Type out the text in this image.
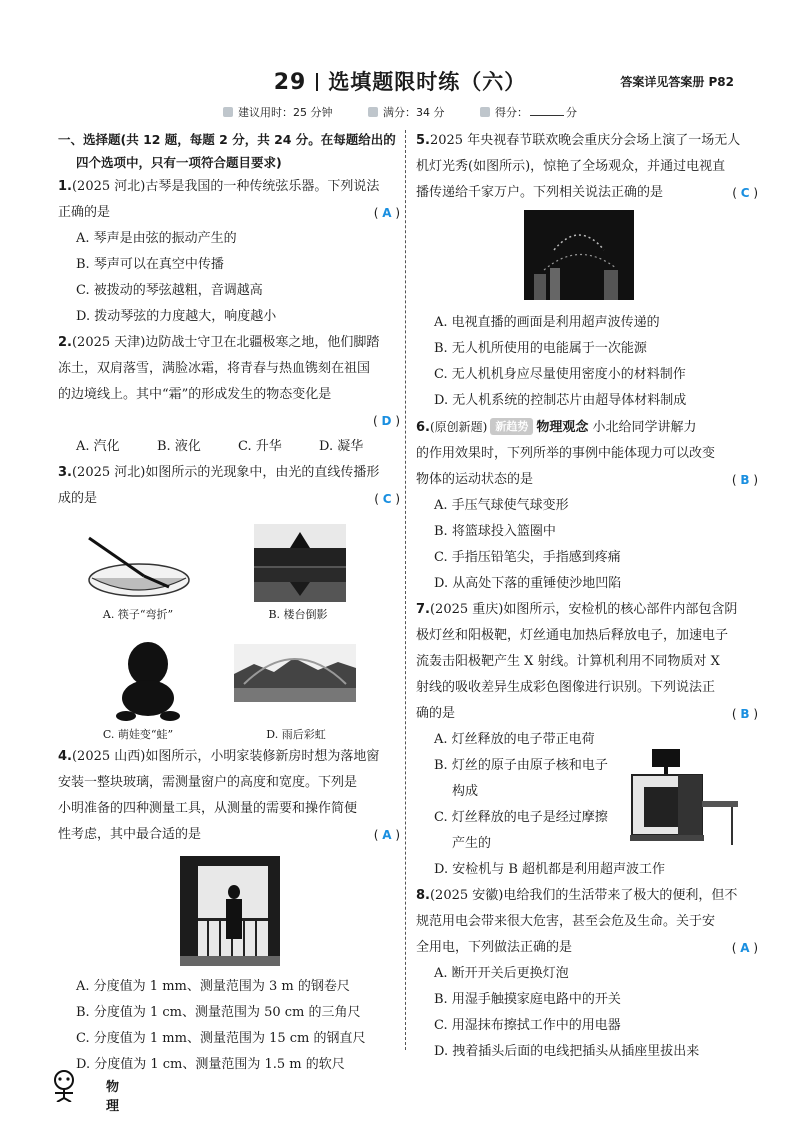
29 选填题限时练（六）	答案详见答案册 P82
建议用时：25 分钟	满分：34 分	得分：	分
一、选择题(共 12 题，每题 2 分，共 24 分。在每题给出的
四个选项中，只有一项符合题目要求)
1.(2025 河北)古琴是我国的一种传统弦乐器。下列说法
正确的是	( A )
A. 琴声是由弦的振动产生的
B. 琴声可以在真空中传播
C. 被拨动的琴弦越粗，音调越高
D. 拨动琴弦的力度越大，响度越小
2.(2025 天津)边防战士守卫在北疆极寒之地，他们脚踏
冻土，双肩落雪，满脸冰霜，将青春与热血镌刻在祖国
的边境线上。其中“霜”的形成发生的物态变化是
( D )
A. 汽化	B. 液化	C. 升华	D. 凝华
3.(2025 河北)如图所示的光现象中，由光的直线传播形
成的是	( C )
A. 筷子“弯折”	B. 楼台倒影
C. 萌娃变“蛙”	D. 雨后彩虹
4.(2025 山西)如图所示，小明家装修新房时想为落地窗
安装一整块玻璃，需测量窗户的高度和宽度。下列是
小明准备的四种测量工具，从测量的需要和操作简便
性考虑，其中最合适的是	( A )
A. 分度值为 1 mm、测量范围为 3 m 的钢卷尺
B. 分度值为 1 cm、测量范围为 50 cm 的三角尺
C. 分度值为 1 mm、测量范围为 15 cm 的钢直尺
D. 分度值为 1 cm、测量范围为 1.5 m 的软尺
5.2025 年央视春节联欢晚会重庆分会场上演了一场无人
机灯光秀(如图所示)，惊艳了全场观众，并通过电视直
播传递给千家万户。下列相关说法正确的是	( C )
A. 电视直播的画面是利用超声波传递的
B. 无人机所使用的电能属于一次能源
C. 无人机机身应尽量使用密度小的材料制作
D. 无人机系统的控制芯片由超导体材料制成
6.(原创新题) 新趋势 物理观念 小北给同学讲解力
的作用效果时，下列所举的事例中能体现力可以改变
物体的运动状态的是	( B )
A. 手压气球使气球变形
B. 将篮球投入篮圈中
C. 手指压铅笔尖，手指感到疼痛
D. 从高处下落的重锤使沙地凹陷
7.(2025 重庆)如图所示，安检机的核心部件内部包含阴
极灯丝和阳极靶，灯丝通电加热后释放电子，加速电子
流轰击阳极靶产生 X 射线。计算机利用不同物质对 X
射线的吸收差异生成彩色图像进行识别。下列说法正
确的是	( B )
A. 灯丝释放的电子带正电荷
B. 灯丝的原子由原子核和电子
构成
C. 灯丝释放的电子是经过摩擦
产生的
D. 安检机与 B 超机都是利用超声波工作
8.(2025 安徽)电给我们的生活带来了极大的便利，但不
规范用电会带来很大危害，甚至会危及生命。关于安
全用电，下列做法正确的是	( A )
A. 断开开关后更换灯泡
B. 用湿手触摸家庭电路中的开关
C. 用湿抹布擦拭工作中的用电器
D. 拽着插头后面的电线把插头从插座里拔出来
物理
